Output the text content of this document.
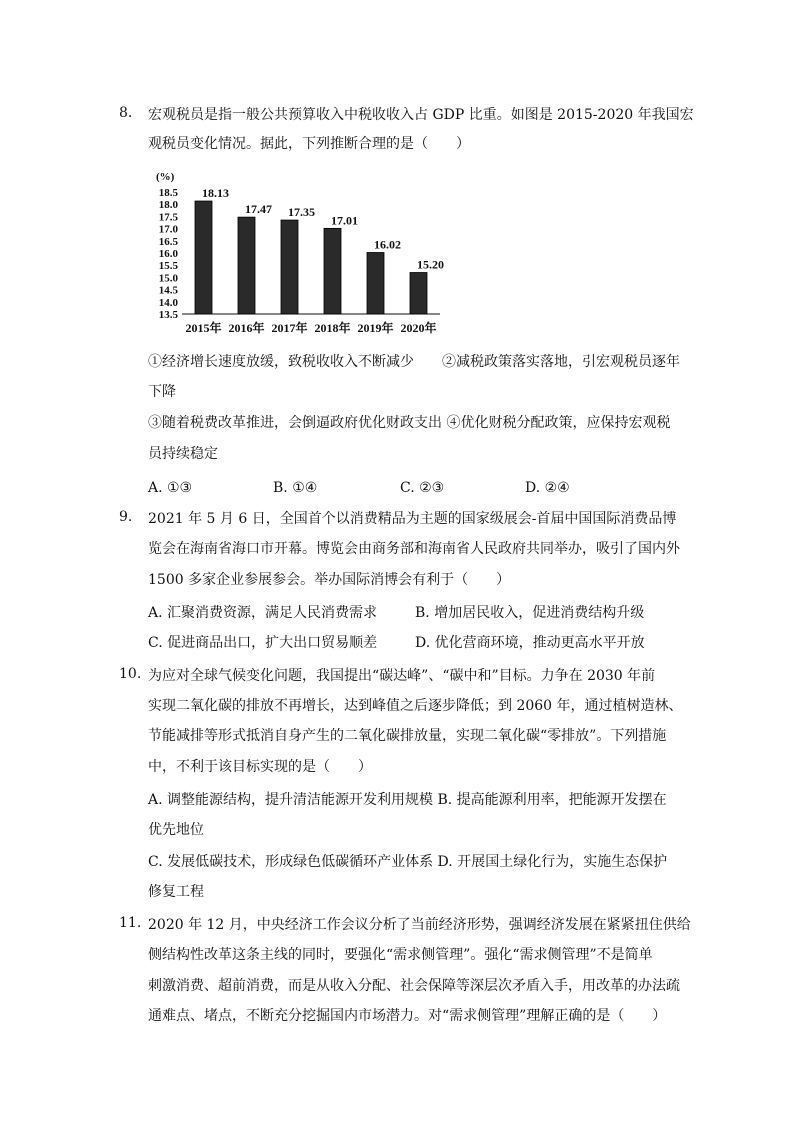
8. 宏观税员是指一般公共预算收入中税收收入占 GDP 比重。如图是 2015-2020 年我国宏
观税员变化情况。据此，下列推断合理的是（　　）
(%)
18.5
18.0
17.5
17.0
16.5
16.0
15.5
15.0
14.5
14.0
13.5
18.13
17.47 17.35
17.01
16.02
15.20
2015年 2016年 2017年 2018年 2019年 2020年
①经济增长速度放缓，致税收收入不断减少　　②减税政策落实落地，引宏观税员逐年
下降
③随着税费改革推进，会倒逼政府优化财政支出 ④优化财税分配政策，应保持宏观税
员持续稳定
A. ①③	B. ①④	C. ②③	D. ②④
9. 2021 年 5 月 6 日，全国首个以消费精品为主题的国家级展会-首届中国国际消费品博
览会在海南省海口市开幕。博览会由商务部和海南省人民政府共同举办，吸引了国内外
1500 多家企业参展参会。举办国际消博会有利于（　　）
A. 汇聚消费资源，满足人民消费需求	B. 增加居民收入，促进消费结构升级
C. 促进商品出口，扩大出口贸易顺差	D. 优化营商环境，推动更高水平开放
10. 为应对全球气候变化问题，我国提出“碳达峰”、“碳中和”目标。力争在 2030 年前
实现二氧化碳的排放不再增长，达到峰值之后逐步降低；到 2060 年，通过植树造林、
节能减排等形式抵消自身产生的二氧化碳排放量，实现二氧化碳“零排放”。下列措施
中，不利于该目标实现的是（　　）
A. 调整能源结构，提升清洁能源开发利用规模 B. 提高能源利用率，把能源开发摆在
优先地位
C. 发展低碳技术，形成绿色低碳循环产业体系 D. 开展国土绿化行为，实施生态保护
修复工程
11. 2020 年 12 月，中央经济工作会议分析了当前经济形势，强调经济发展在紧紧扭住供给
侧结构性改革这条主线的同时，要强化“需求侧管理”。强化“需求侧管理”不是简单
刺激消费、超前消费，而是从收入分配、社会保障等深层次矛盾入手，用改革的办法疏
通难点、堵点，不断充分挖掘国内市场潜力。对“需求侧管理”理解正确的是（　　）
